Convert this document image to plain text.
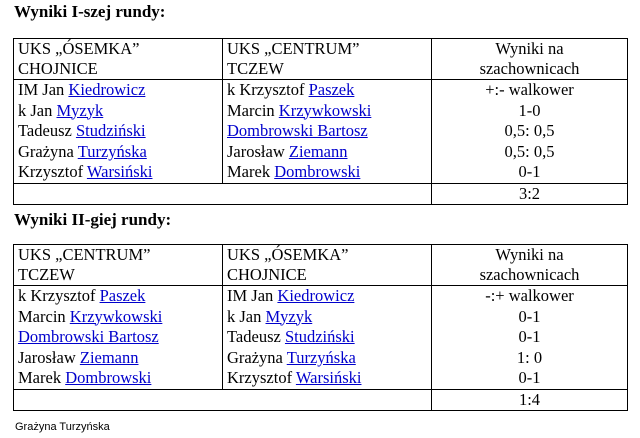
Wyniki I-szej rundy:
UKS „ÓSEMKA”
CHOJNICE	UKS „CENTRUM”
TCZEW	Wyniki na
szachownicach

IM Jan Kiedrowicz	k Krzysztof Paszek	+:- walkower
k Jan Myzyk	Marcin Krzywkowski	1-0
Tadeusz Studziński	Dombrowski Bartosz	0,5: 0,5
Grażyna Turzyńska	Jarosław Ziemann	0,5: 0,5
Krzysztof Warsiński	Marek Dombrowski	0-1
		3:2
Wyniki II-giej rundy:
UKS „CENTRUM”
TCZEW	UKS „ÓSEMKA”
CHOJNICE	Wyniki na
szachownicach

k Krzysztof Paszek	IM Jan Kiedrowicz	-:+ walkower
Marcin Krzywkowski	k Jan Myzyk	0-1
Dombrowski Bartosz	Tadeusz Studziński	0-1
Jarosław Ziemann	Grażyna Turzyńska	1: 0
Marek Dombrowski	Krzysztof Warsiński	0-1
		1:4
Grażyna Turzyńska
